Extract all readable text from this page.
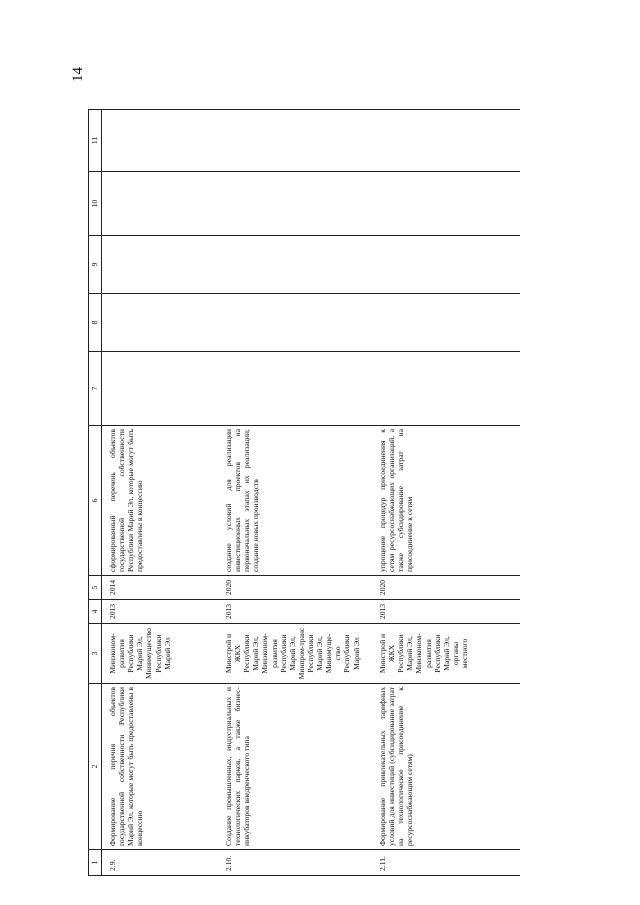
14
1	2	3	4	5	6	7	8	9	10	11

2.9.	Формирование перечня объектов государственной собственности Республики Марий Эл, которые могут быть предоставлены в концессию	Минэконом-развития Республики Марий Эл, Минимущество Республики Марий Эл	2013	2014	сформированный перечень объектов государственной собственности Республики Марий Эл, которые могут быть предоставлены в концессию					
2.10.	Создание промышленных, индустриальных и технологических парков, а также бизнес-инкубаторов внедренческого типа	Минстрой и ЖКХ Республики Марий Эл, Минэконом-развития Республики Марий Эл, Минпром-транс Республики Марий Эл, Минимуще-ство Республики Марий Эл	2013	2020	создание условий для реализации инвестиционных проектов на первоначальных этапах их реализации; создание новых производств					
2.11.	Формирование привлекательных тарифных условий для инвестиций (субсидирование затрат на технологическое присоединение к ресурсоснабжающим сетям)	Минстрой и ЖКХ Республики Марий Эл, Минэконом-развития Республики Марий Эл, органы местного	2013	2020	упрощение процедур присоединения к сетям ресурсоснабжающих организаций, а также субсидирование затрат на присоединение к сетям					
